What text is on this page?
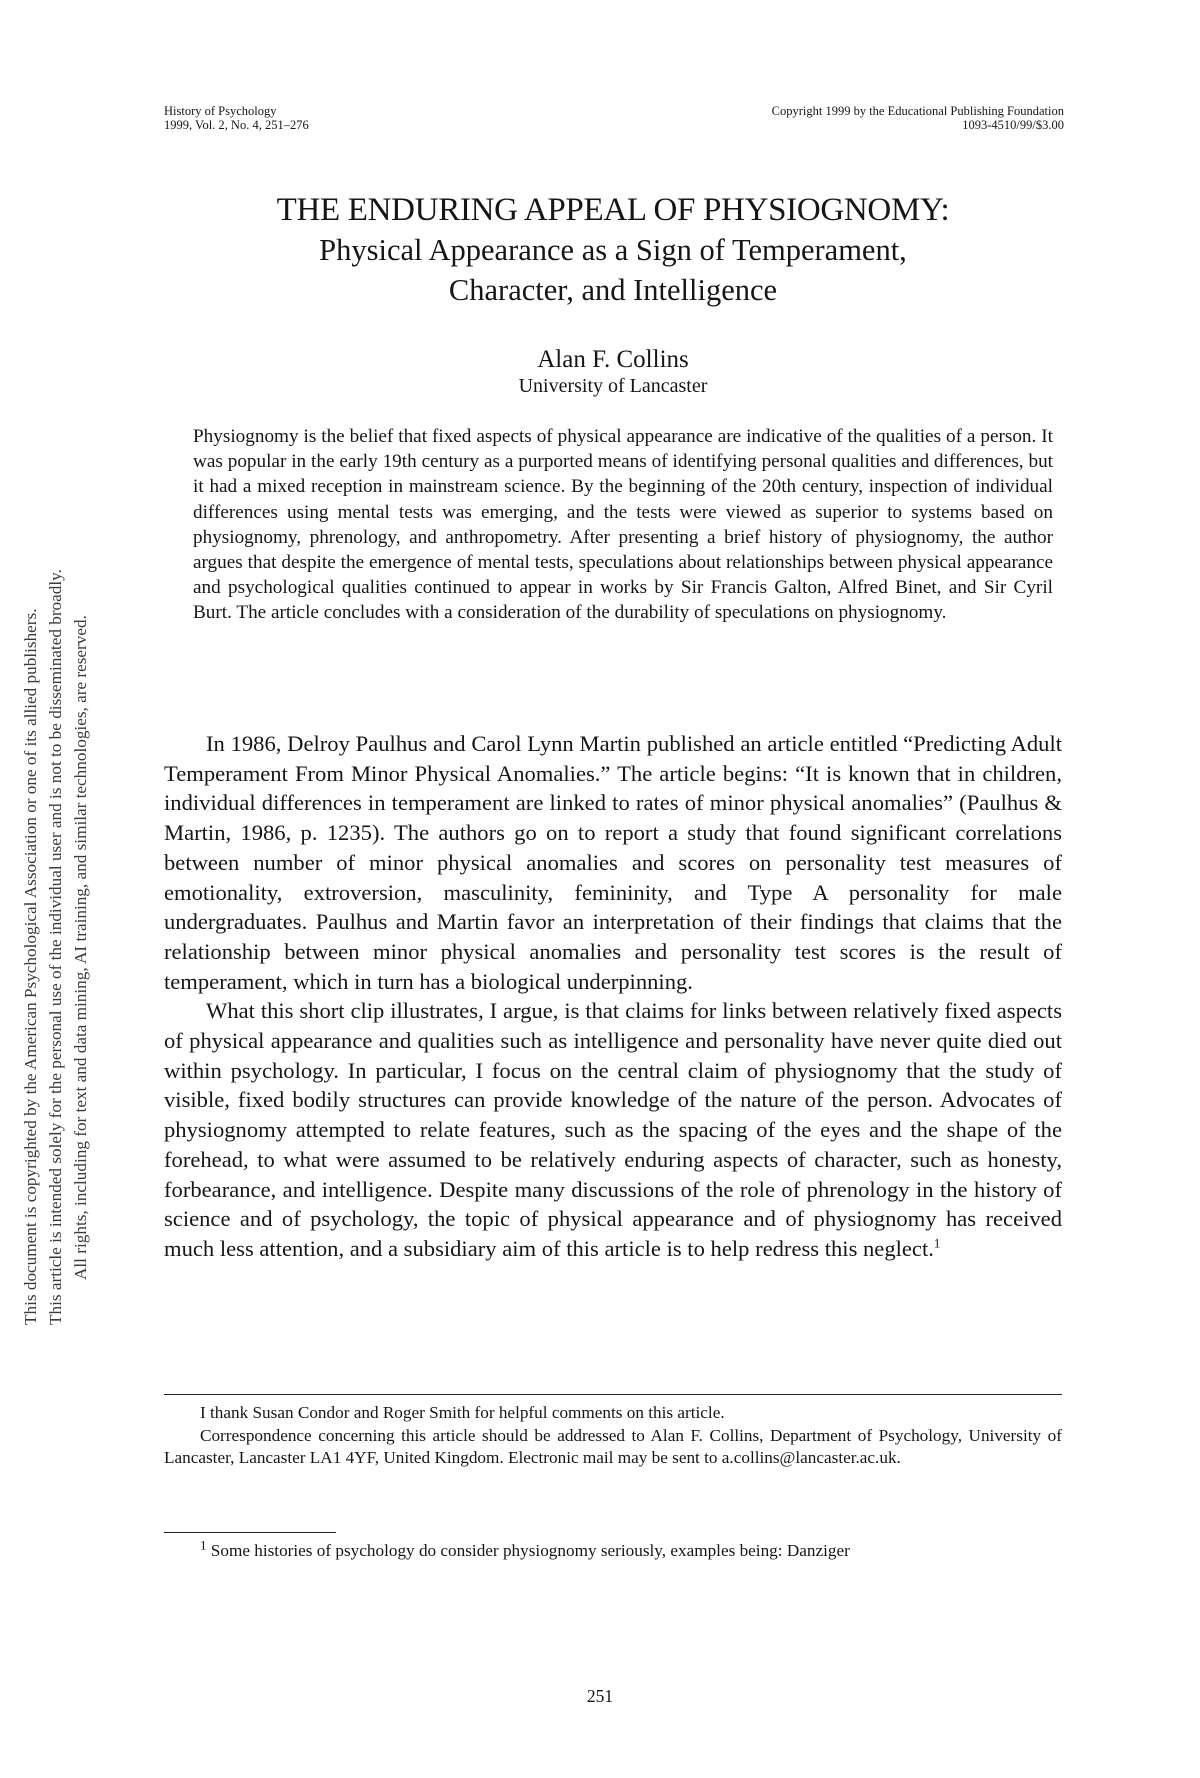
History of Psychology
1999, Vol. 2, No. 4, 251–276
Copyright 1999 by the Educational Publishing Foundation
1093-4510/99/$3.00
THE ENDURING APPEAL OF PHYSIOGNOMY:
Physical Appearance as a Sign of Temperament,
Character, and Intelligence
Alan F. Collins
University of Lancaster
Physiognomy is the belief that fixed aspects of physical appearance are indicative of the qualities of a person. It was popular in the early 19th century as a purported means of identifying personal qualities and differences, but it had a mixed reception in mainstream science. By the beginning of the 20th century, inspection of individual differences using mental tests was emerging, and the tests were viewed as superior to systems based on physiognomy, phrenology, and anthropometry. After presenting a brief history of physiognomy, the author argues that despite the emergence of mental tests, speculations about relationships between physical appearance and psychological qualities continued to appear in works by Sir Francis Galton, Alfred Binet, and Sir Cyril Burt. The article concludes with a consideration of the durability of speculations on physiognomy.

In 1986, Delroy Paulhus and Carol Lynn Martin published an article entitled “Predicting Adult Temperament From Minor Physical Anomalies.” The article begins: “It is known that in children, individual differences in temperament are linked to rates of minor physical anomalies” (Paulhus & Martin, 1986, p. 1235). The authors go on to report a study that found significant correlations between number of minor physical anomalies and scores on personality test measures of emotionality, extroversion, masculinity, femininity, and Type A personality for male undergraduates. Paulhus and Martin favor an interpretation of their findings that claims that the relationship between minor physical anomalies and personality test scores is the result of temperament, which in turn has a biological underpinning.

What this short clip illustrates, I argue, is that claims for links between relatively fixed aspects of physical appearance and qualities such as intelligence and personality have never quite died out within psychology. In particular, I focus on the central claim of physiognomy that the study of visible, fixed bodily structures can provide knowledge of the nature of the person. Advocates of physiognomy attempted to relate features, such as the spacing of the eyes and the shape of the forehead, to what were assumed to be relatively enduring aspects of character, such as honesty, forbearance, and intelligence. Despite many discussions of the role of phrenology in the history of science and of psychology, the topic of physical appearance and of physiognomy has received much less attention, and a subsidiary aim of this article is to help redress this neglect.$^1$

I thank Susan Condor and Roger Smith for helpful comments on this article.

Correspondence concerning this article should be addressed to Alan F. Collins, Department of Psychology, University of Lancaster, Lancaster LA1 4YF, United Kingdom. Electronic mail may be sent to a.collins@lancaster.ac.uk.

$^1$ Some histories of psychology do consider physiognomy seriously, examples being: Danziger

251
This document is copyrighted by the American Psychological Association or one of its allied publishers. This article is intended solely for the personal use of the individual user and is not to be disseminated broadly. All rights, including for text and data mining, AI training, and similar technologies, are reserved.
